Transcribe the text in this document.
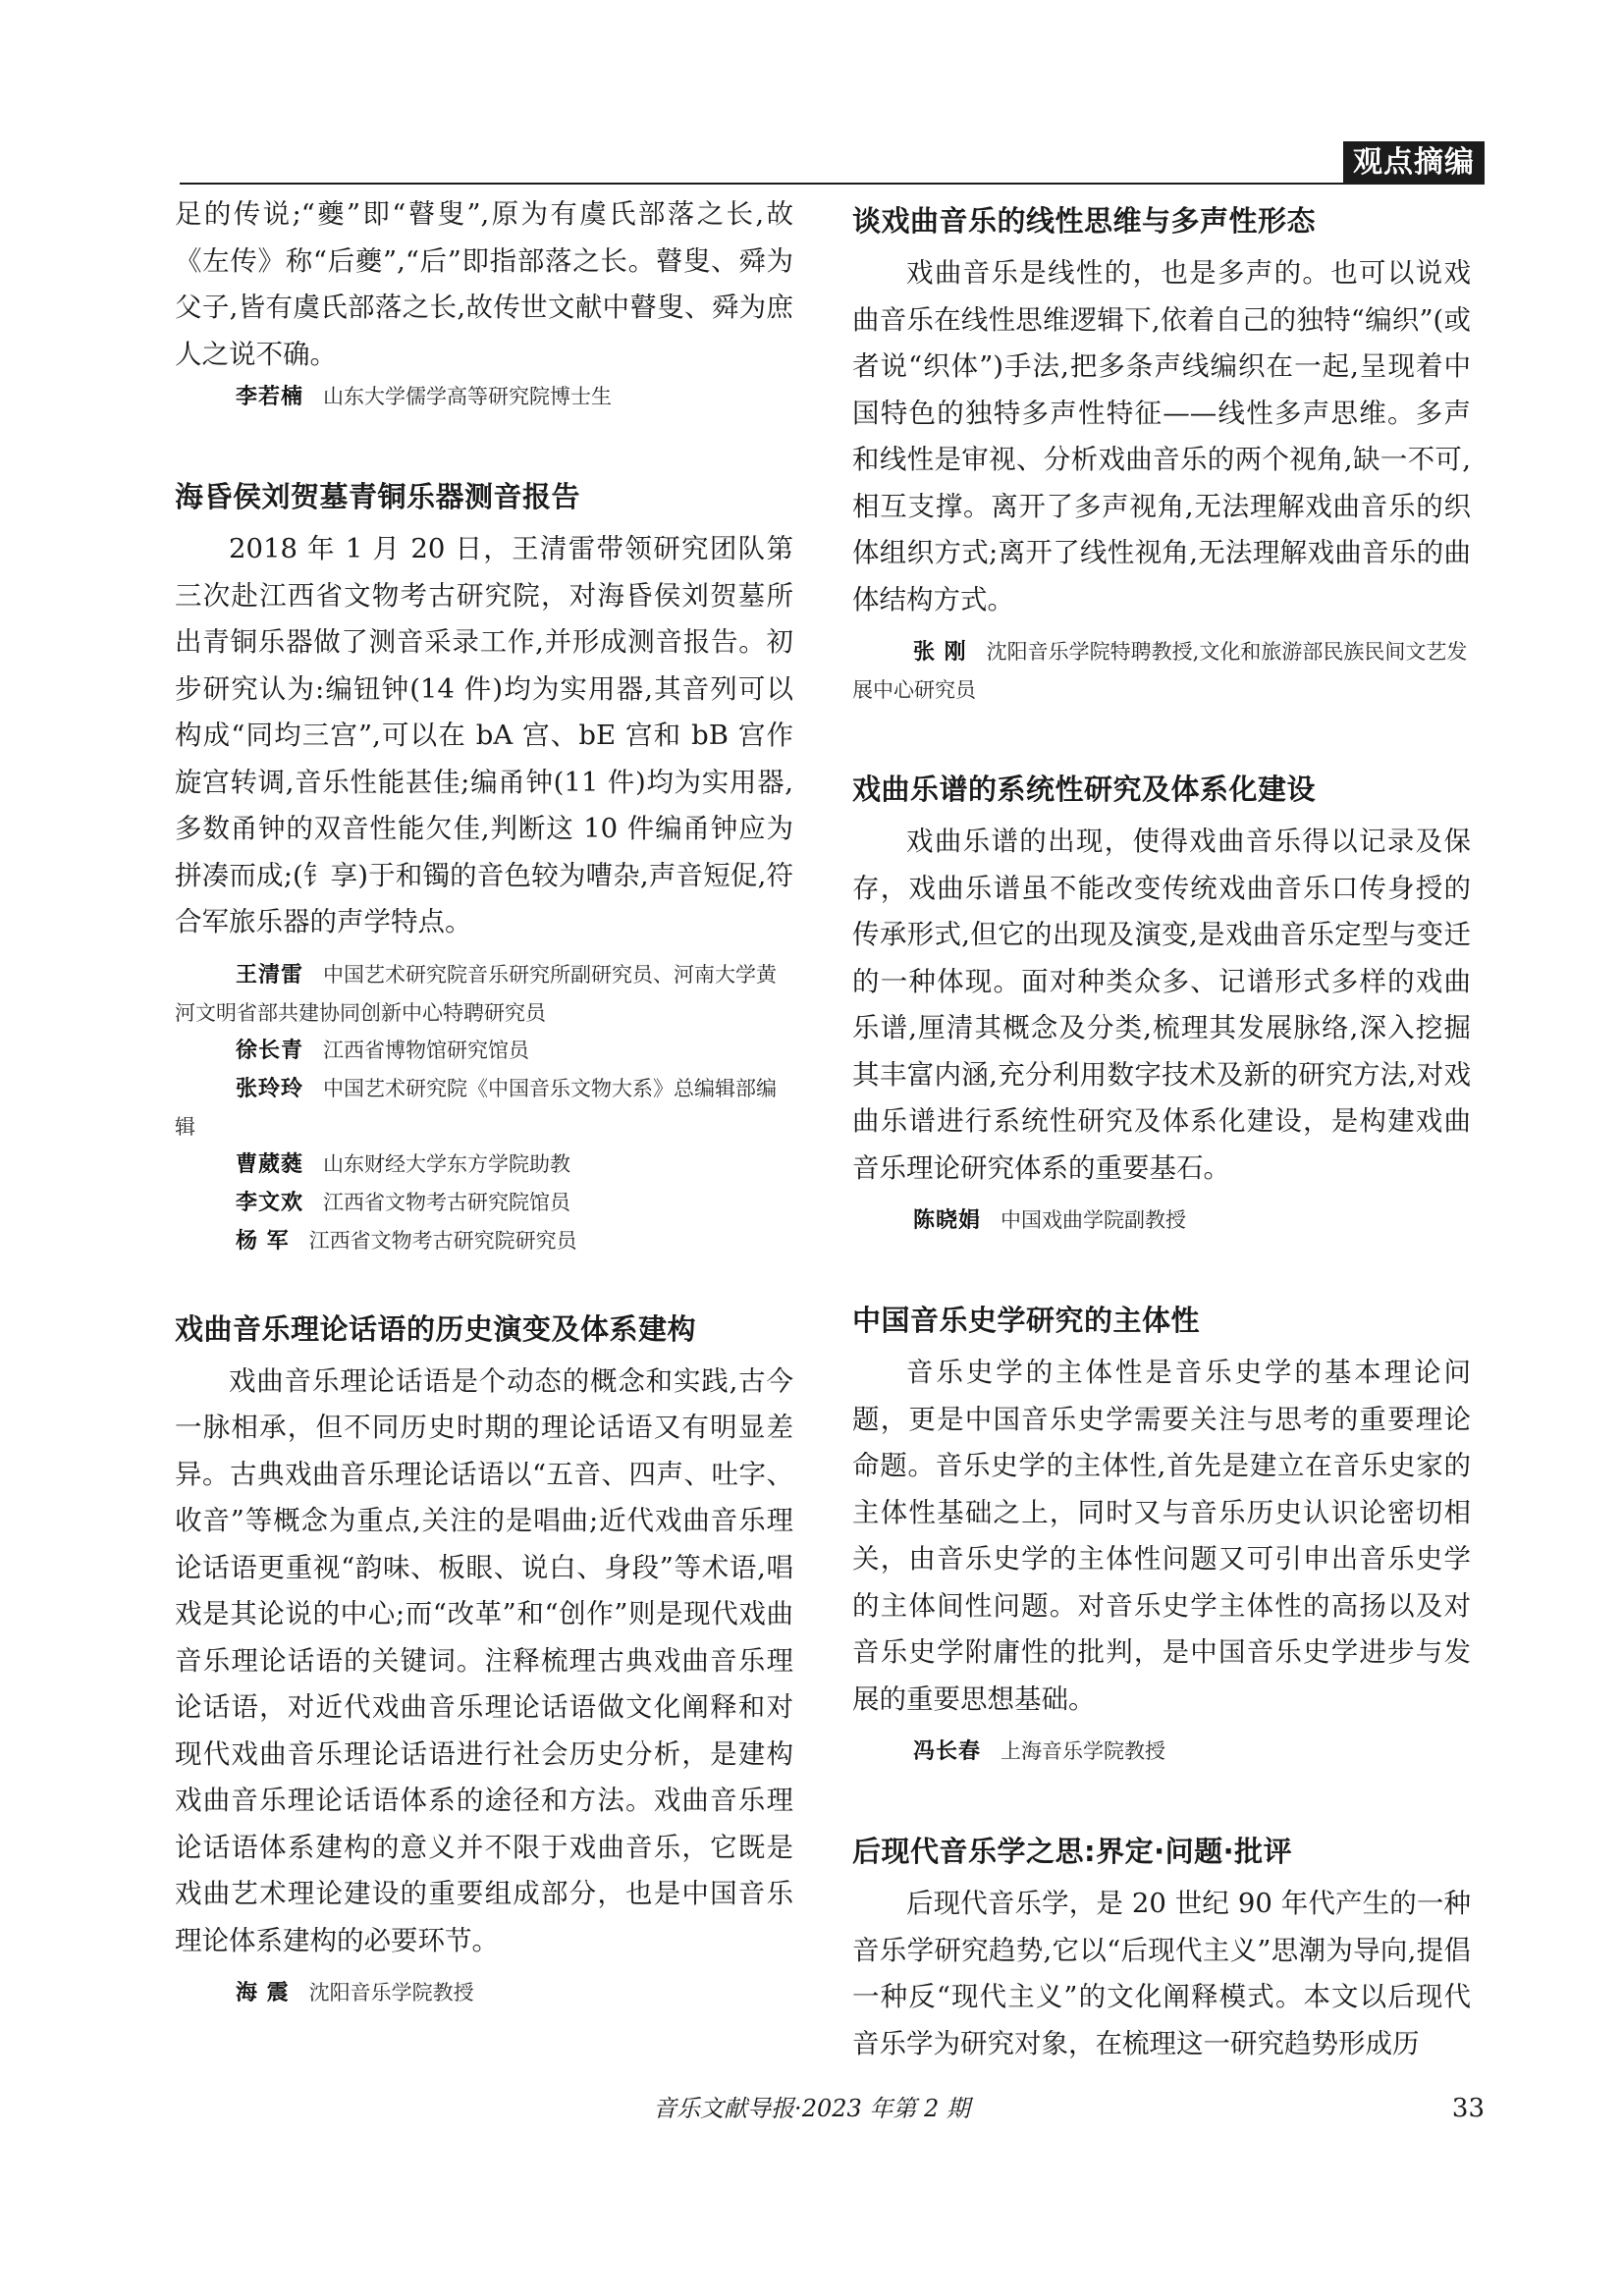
观点摘编

足的传说;“夔”即“瞽叟”,原为有虞氏部落之长,故《左传》称“后夔”,“后”即指部落之长。瞽叟、舜为父子,皆有虞氏部落之长,故传世文献中瞽叟、舜为庶人之说不确。

李若楠 山东大学儒学高等研究院博士生

海昏侯刘贺墓青铜乐器测音报告

2018 年 1 月 20 日，王清雷带领研究团队第三次赴江西省文物考古研究院，对海昏侯刘贺墓所出青铜乐器做了测音采录工作,并形成测音报告。初步研究认为:编钮钟(14 件)均为实用器,其音列可以构成“同均三宫”,可以在 bA 宫、bE 宫和 bB 宫作旋宫转调,音乐性能甚佳;编甬钟(11 件)均为实用器,多数甬钟的双音性能欠佳,判断这 10 件编甬钟应为拼凑而成;(钅享)于和镯的音色较为嘈杂,声音短促,符合军旅乐器的声学特点。

王清雷 中国艺术研究院音乐研究所副研究员、河南大学黄河文明省部共建协同创新中心特聘研究员

徐长青 江西省博物馆研究馆员

张玲玲 中国艺术研究院《中国音乐文物大系》总编辑部编辑

曹葳蕤 山东财经大学东方学院助教

李文欢 江西省文物考古研究院馆员

杨 军 江西省文物考古研究院研究员

戏曲音乐理论话语的历史演变及体系建构

戏曲音乐理论话语是个动态的概念和实践,古今一脉相承，但不同历史时期的理论话语又有明显差异。古典戏曲音乐理论话语以“五音、四声、吐字、收音”等概念为重点,关注的是唱曲;近代戏曲音乐理论话语更重视“韵味、板眼、说白、身段”等术语,唱戏是其论说的中心;而“改革”和“创作”则是现代戏曲音乐理论话语的关键词。注释梳理古典戏曲音乐理论话语，对近代戏曲音乐理论话语做文化阐释和对现代戏曲音乐理论话语进行社会历史分析，是建构戏曲音乐理论话语体系的途径和方法。戏曲音乐理论话语体系建构的意义并不限于戏曲音乐，它既是戏曲艺术理论建设的重要组成部分，也是中国音乐理论体系建构的必要环节。

海 震 沈阳音乐学院教授

谈戏曲音乐的线性思维与多声性形态

戏曲音乐是线性的，也是多声的。也可以说戏曲音乐在线性思维逻辑下,依着自己的独特“编织”(或者说“织体”)手法,把多条声线编织在一起,呈现着中国特色的独特多声性特征——线性多声思维。多声和线性是审视、分析戏曲音乐的两个视角,缺一不可,相互支撑。离开了多声视角,无法理解戏曲音乐的织体组织方式;离开了线性视角,无法理解戏曲音乐的曲体结构方式。

张 刚 沈阳音乐学院特聘教授,文化和旅游部民族民间文艺发展中心研究员

戏曲乐谱的系统性研究及体系化建设

戏曲乐谱的出现，使得戏曲音乐得以记录及保存，戏曲乐谱虽不能改变传统戏曲音乐口传身授的传承形式,但它的出现及演变,是戏曲音乐定型与变迁的一种体现。面对种类众多、记谱形式多样的戏曲乐谱,厘清其概念及分类,梳理其发展脉络,深入挖掘其丰富内涵,充分利用数字技术及新的研究方法,对戏曲乐谱进行系统性研究及体系化建设，是构建戏曲音乐理论研究体系的重要基石。

陈晓娟 中国戏曲学院副教授

中国音乐史学研究的主体性

音乐史学的主体性是音乐史学的基本理论问题，更是中国音乐史学需要关注与思考的重要理论命题。音乐史学的主体性,首先是建立在音乐史家的主体性基础之上，同时又与音乐历史认识论密切相关，由音乐史学的主体性问题又可引申出音乐史学的主体间性问题。对音乐史学主体性的高扬以及对音乐史学附庸性的批判，是中国音乐史学进步与发展的重要思想基础。

冯长春 上海音乐学院教授

后现代音乐学之思:界定·问题·批评

后现代音乐学，是 20 世纪 90 年代产生的一种音乐学研究趋势,它以“后现代主义”思潮为导向,提倡一种反“现代主义”的文化阐释模式。本文以后现代音乐学为研究对象，在梳理这一研究趋势形成历

音乐文献导报·2023 年第 2 期	33
